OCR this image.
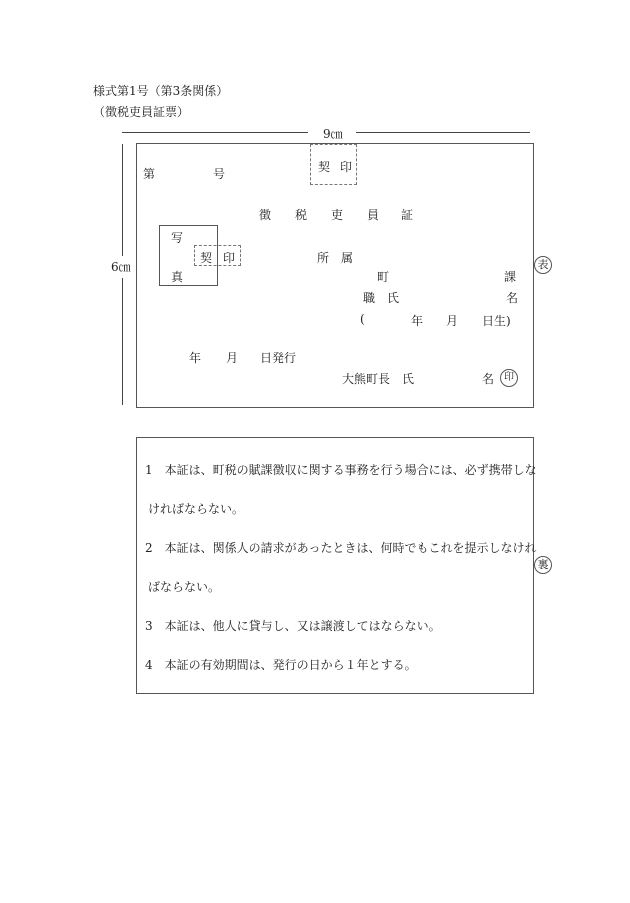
様式第1号（第3条関係）
（徴税吏員証票）
9㎝
6㎝
第	号	契 印
徴 税 吏 員 証
写
真
契 印	所　属
町	課
職　氏	名
(	年 月 日生)
年 月 日発行
大熊町長　氏	名 印
表
1　 本証は、町税の賦課徴収に関する事務を行う場合には、必ず携帯しな
ければならない。
2　 本証は、関係人の請求があったときは、何時でもこれを提示しなけれ
ばならない。
3　 本証は、他人に貸与し、又は譲渡してはならない。
4　 本証の有効期間は、発行の日から１年とする。
裏
